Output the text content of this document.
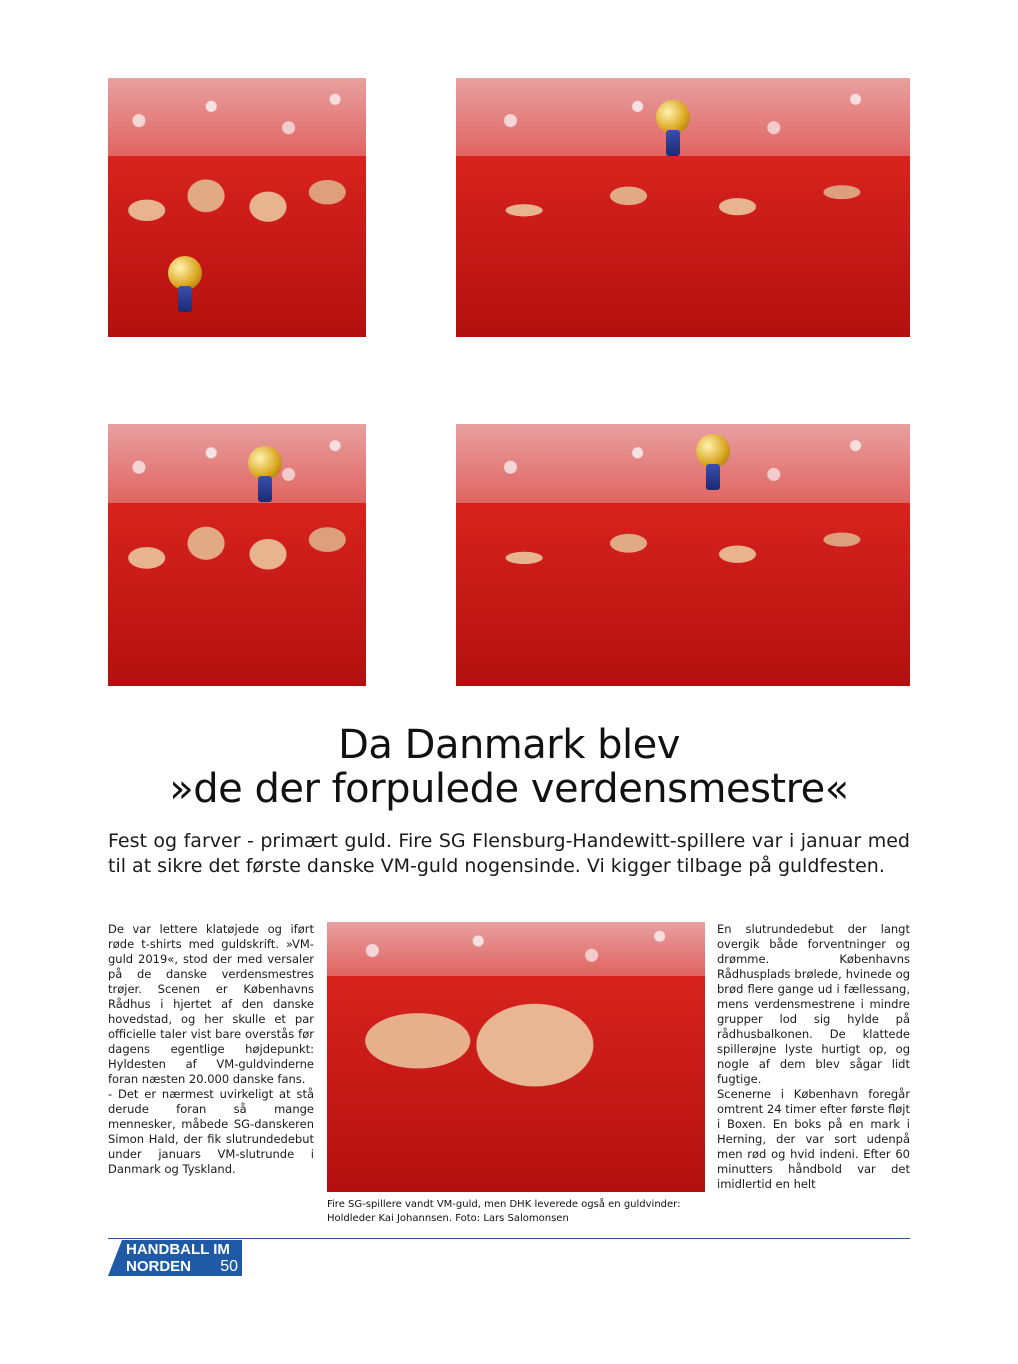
Da Danmark blev
»de der forpulede verdensmestre«
Fest og farver - primært guld. Fire SG Flensburg-Handewitt-spillere var i januar med til at sikre det første danske VM-guld nogensinde. Vi kigger tilbage på guldfesten.

De var lettere klatøjede og iført røde t-shirts med guldskrift. »VM-guld 2019«, stod der med versaler på de danske verdensmestres trøjer. Scenen er Københavns Rådhus i hjertet af den danske hovedstad, og her skulle et par officielle taler vist bare overstås før dagens egentlige højdepunkt: Hyldesten af VM-guldvinderne foran næsten 20.000 danske fans.

- Det er nærmest uvirkeligt at stå derude foran så mange mennesker, måbede SG-danskeren Simon Hald, der fik slutrundedebut under januars VM-slutrunde i Danmark og Tyskland.

Fire SG-spillere vandt VM-guld, men DHK leverede også en guldvinder: Holdleder Kai Johannsen. Foto: Lars Salomonsen

En slutrundedebut der langt overgik både forventninger og drømme. Københavns Rådhusplads brølede, hvinede og brød flere gange ud i fællessang, mens verdensmestrene i mindre grupper lod sig hylde på rådhusbalkonen. De klattede spillerøjne lyste hurtigt op, og nogle af dem blev sågar lidt fugtige.

Scenerne i København foregår omtrent 24 timer efter første fløjt i Boxen. En boks på en mark i Herning, der var sort udenpå men rød og hvid indeni. Efter 60 minutters håndbold var det imidlertid en helt

HANDBALL IM
NORDEN	50
